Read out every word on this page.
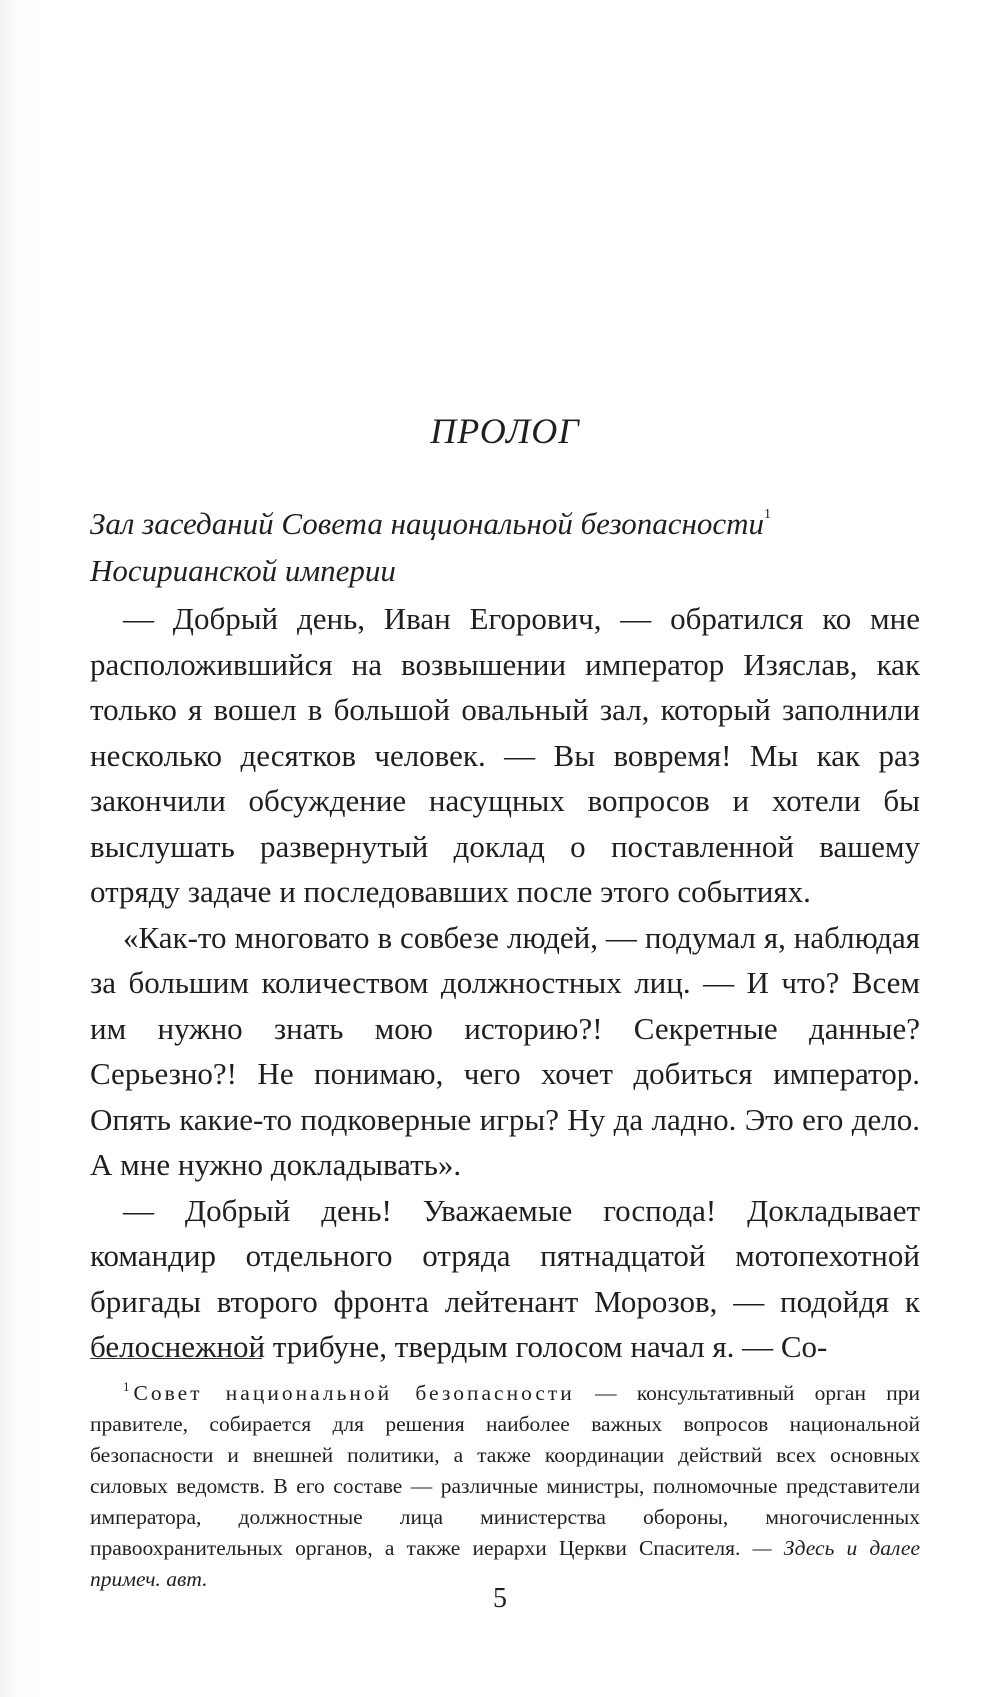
ПРОЛОГ

Зал заседаний Совета национальной безопасности$^1$
Носирианской империи

— Добрый день, Иван Егорович, — обратился ко мне расположившийся на возвышении император Изяслав, как только я вошел в большой овальный зал, который заполнили несколько десятков человек. — Вы вовремя! Мы как раз закончили обсуждение насущных вопросов и хотели бы выслушать развернутый доклад о поставленной вашему отряду задаче и последовавших после этого событиях.

«Как-то многовато в совбезе людей, — подумал я, наблюдая за большим количеством должностных лиц. — И что? Всем им нужно знать мою историю?! Секретные данные? Серьезно?! Не понимаю, чего хочет добиться император. Опять какие-то подковерные игры? Ну да ладно. Это его дело. А мне нужно докладывать».

— Добрый день! Уважаемые господа! Докладывает командир отдельного отряда пятнадцатой мотопехотной бригады второго фронта лейтенант Морозов, — подойдя к белоснежной трибуне, твердым голосом начал я. — Со-

$^1$ Совет национальной безопасности — консультативный орган при правителе, собирается для решения наиболее важных вопросов национальной безопасности и внешней политики, а также координации действий всех основных силовых ведомств. В его составе — различные министры, полномочные представители императора, должностные лица министерства обороны, многочисленных правоохранительных органов, а также иерархи Церкви Спасителя. — Здесь и далее примеч. авт.

5
